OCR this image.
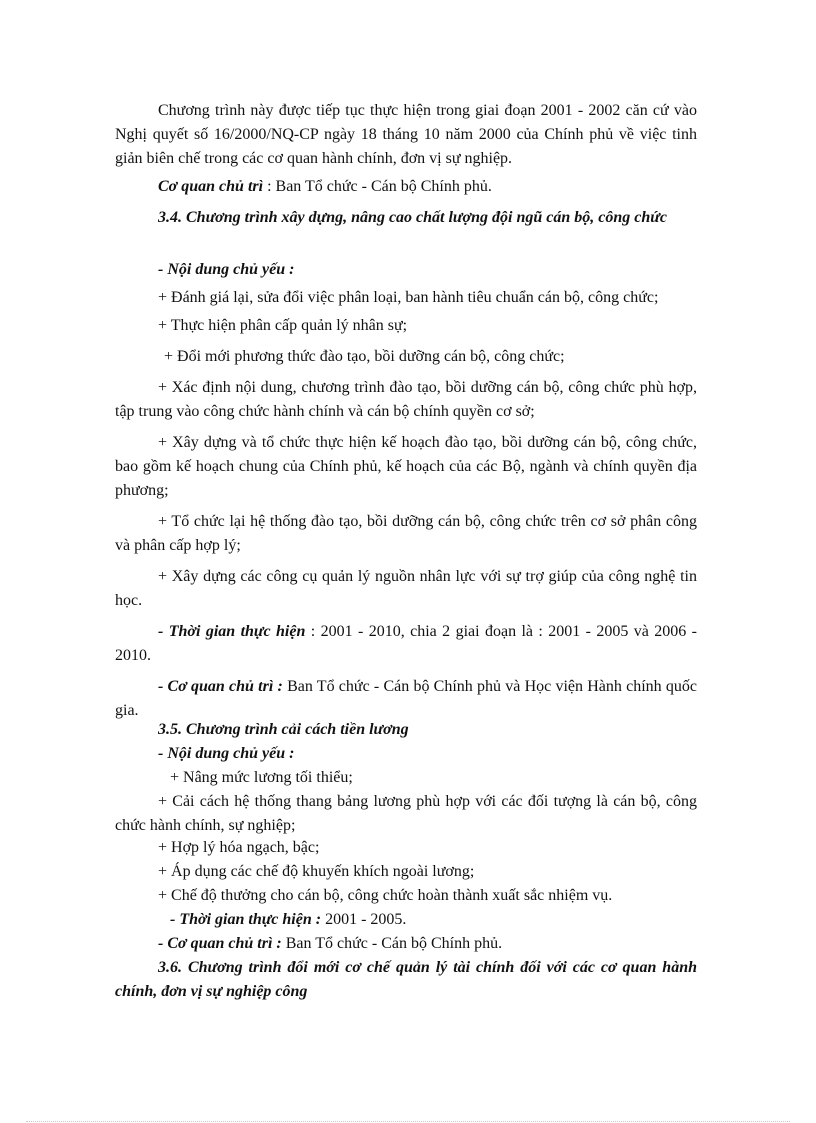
Chương trình này được tiếp tục thực hiện trong giai đoạn 2001 - 2002 căn cứ vào Nghị quyết số 16/2000/NQ-CP ngày 18 tháng 10 năm 2000 của Chính phủ về việc tinh giản biên chế trong các cơ quan hành chính, đơn vị sự nghiệp.
Cơ quan chủ trì : Ban Tổ chức - Cán bộ Chính phủ.
3.4. Chương trình xây dựng, nâng cao chất lượng đội ngũ cán bộ, công chức
- Nội dung chủ yếu :
+ Đánh giá lại, sửa đổi việc phân loại, ban hành tiêu chuẩn cán bộ, công chức;
+ Thực hiện phân cấp quản lý nhân sự;
+ Đổi mới phương thức đào tạo, bồi dưỡng cán bộ, công chức;
+ Xác định nội dung, chương trình đào tạo, bồi dưỡng cán bộ, công chức phù hợp, tập trung vào công chức hành chính và cán bộ chính quyền cơ sở;
+ Xây dựng và tổ chức thực hiện kế hoạch đào tạo, bồi dưỡng cán bộ, công chức, bao gồm kế hoạch chung của Chính phủ, kế hoạch của các Bộ, ngành và chính quyền địa phương;
+ Tổ chức lại hệ thống đào tạo, bồi dưỡng cán bộ, công chức trên cơ sở phân công và phân cấp hợp lý;
+ Xây dựng các công cụ quản lý nguồn nhân lực với sự trợ giúp của công nghệ tin học.
- Thời gian thực hiện : 2001 - 2010, chia 2 giai đoạn là : 2001 - 2005 và 2006 - 2010.
- Cơ quan chủ trì : Ban Tổ chức - Cán bộ Chính phủ và Học viện Hành chính quốc gia.
3.5. Chương trình cải cách tiền lương
- Nội dung chủ yếu :
+ Nâng mức lương tối thiểu;
+ Cải cách hệ thống thang bảng lương phù hợp với các đối tượng là cán bộ, công chức hành chính, sự nghiệp;
+ Hợp lý hóa ngạch, bậc;
+ Áp dụng các chế độ khuyến khích ngoài lương;
+ Chế độ thưởng cho cán bộ, công chức hoàn thành xuất sắc nhiệm vụ.
- Thời gian thực hiện : 2001 - 2005.
- Cơ quan chủ trì : Ban Tổ chức - Cán bộ Chính phủ.
3.6. Chương trình đổi mới cơ chế quản lý tài chính đối với các cơ quan hành chính, đơn vị sự nghiệp công
